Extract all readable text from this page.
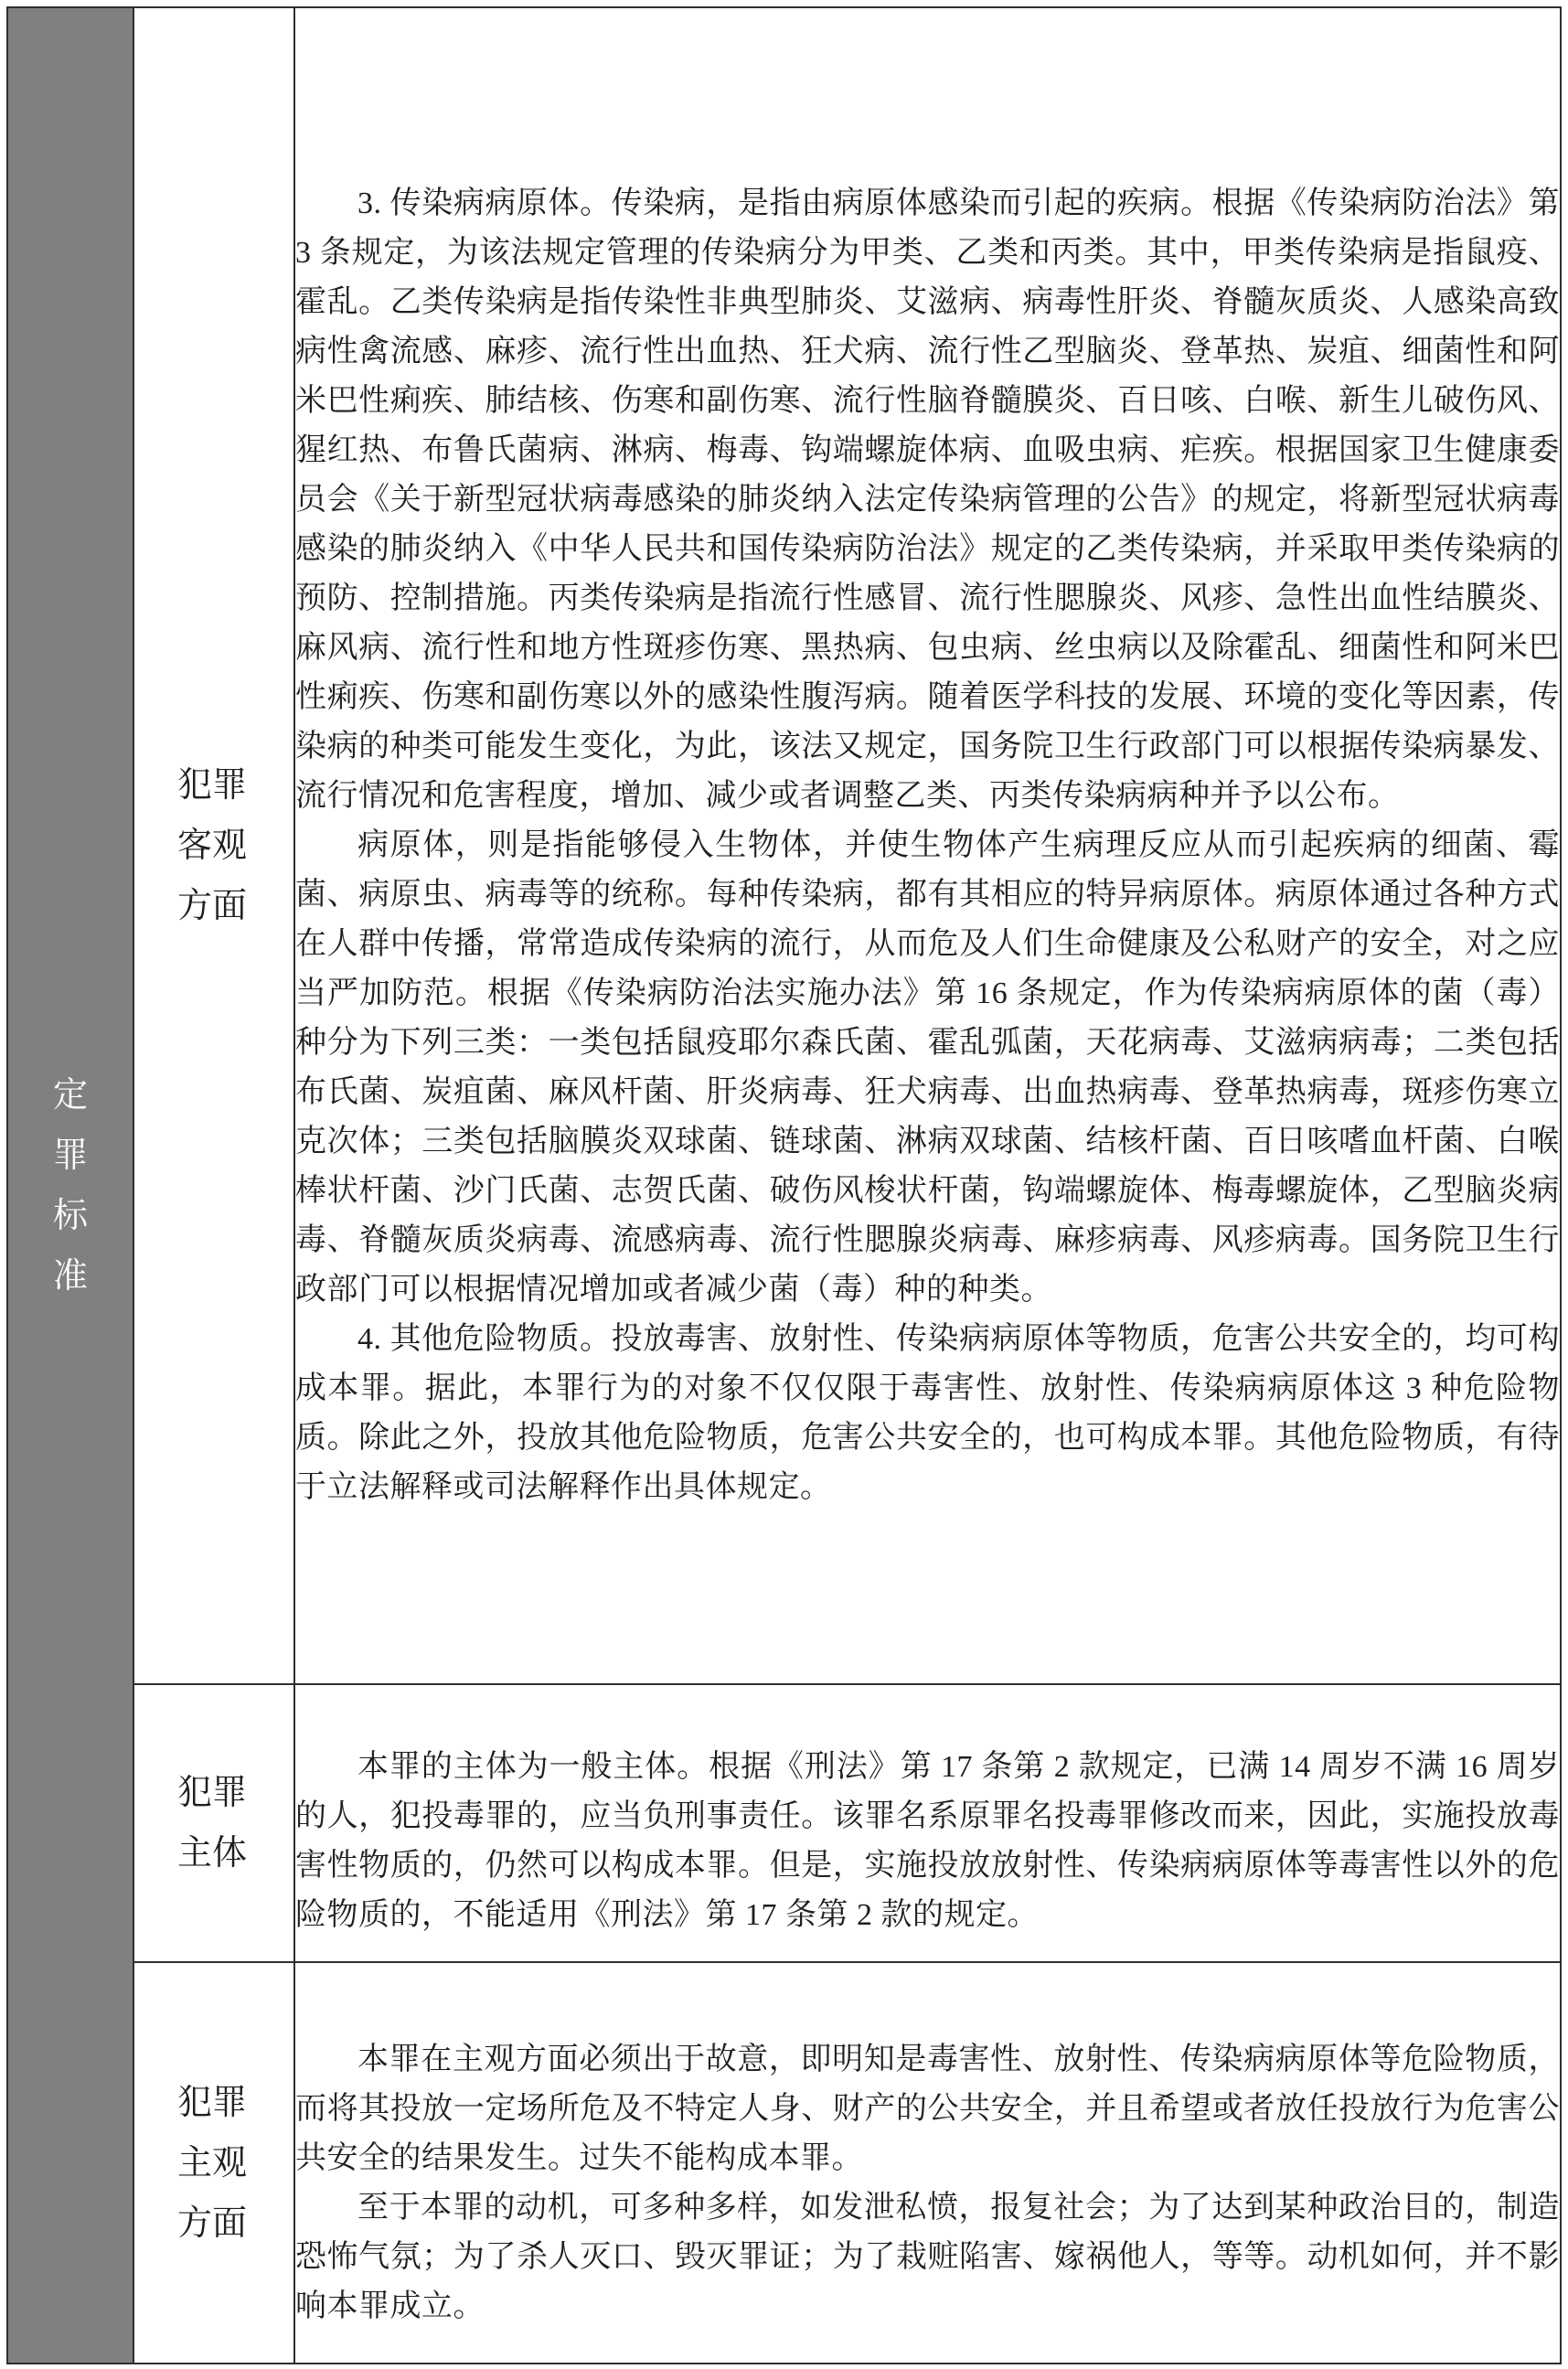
定罪标准	犯罪客观方面	3. 传染病病原体。传染病，是指由病原体感染而引起的疾病。根据《传染病防治法》第 3 条规定，为该法规定管理的传染病分为甲类、乙类和丙类。其中，甲类传染病是指鼠疫、霍乱。乙类传染病是指传染性非典型肺炎、艾滋病、病毒性肝炎、脊髓灰质炎、人感染高致病性禽流感、麻疹、流行性出血热、狂犬病、流行性乙型脑炎、登革热、炭疽、细菌性和阿米巴性痢疾、肺结核、伤寒和副伤寒、流行性脑脊髓膜炎、百日咳、白喉、新生儿破伤风、猩红热、布鲁氏菌病、淋病、梅毒、钩端螺旋体病、血吸虫病、疟疾。根据国家卫生健康委员会《关于新型冠状病毒感染的肺炎纳入法定传染病管理的公告》的规定，将新型冠状病毒感染的肺炎纳入《中华人民共和国传染病防治法》规定的乙类传染病，并采取甲类传染病的预防、控制措施。丙类传染病是指流行性感冒、流行性腮腺炎、风疹、急性出血性结膜炎、麻风病、流行性和地方性斑疹伤寒、黑热病、包虫病、丝虫病以及除霍乱、细菌性和阿米巴性痢疾、伤寒和副伤寒以外的感染性腹泻病。随着医学科技的发展、环境的变化等因素，传染病的种类可能发生变化，为此，该法又规定，国务院卫生行政部门可以根据传染病暴发、流行情况和危害程度，增加、减少或者调整乙类、丙类传染病病种并予以公布。

病原体，则是指能够侵入生物体，并使生物体产生病理反应从而引起疾病的细菌、霉菌、病原虫、病毒等的统称。每种传染病，都有其相应的特异病原体。病原体通过各种方式在人群中传播，常常造成传染病的流行，从而危及人们生命健康及公私财产的安全，对之应当严加防范。根据《传染病防治法实施办法》第 16 条规定，作为传染病病原体的菌（毒）种分为下列三类：一类包括鼠疫耶尔森氏菌、霍乱弧菌，天花病毒、艾滋病病毒；二类包括布氏菌、炭疽菌、麻风杆菌、肝炎病毒、狂犬病毒、出血热病毒、登革热病毒，斑疹伤寒立克次体；三类包括脑膜炎双球菌、链球菌、淋病双球菌、结核杆菌、百日咳嗜血杆菌、白喉棒状杆菌、沙门氏菌、志贺氏菌、破伤风梭状杆菌，钩端螺旋体、梅毒螺旋体，乙型脑炎病毒、脊髓灰质炎病毒、流感病毒、流行性腮腺炎病毒、麻疹病毒、风疹病毒。国务院卫生行政部门可以根据情况增加或者减少菌（毒）种的种类。

4. 其他危险物质。投放毒害、放射性、传染病病原体等物质，危害公共安全的，均可构成本罪。据此，本罪行为的对象不仅仅限于毒害性、放射性、传染病病原体这 3 种危险物质。除此之外，投放其他危险物质，危害公共安全的，也可构成本罪。其他危险物质，有待于立法解释或司法解释作出具体规定。

	犯罪主体	本罪的主体为一般主体。根据《刑法》第 17 条第 2 款规定，已满 14 周岁不满 16 周岁的人，犯投毒罪的，应当负刑事责任。该罪名系原罪名投毒罪修改而来，因此，实施投放毒害性物质的，仍然可以构成本罪。但是，实施投放放射性、传染病病原体等毒害性以外的危险物质的，不能适用《刑法》第 17 条第 2 款的规定。

	犯罪主观方面	本罪在主观方面必须出于故意，即明知是毒害性、放射性、传染病病原体等危险物质，而将其投放一定场所危及不特定人身、财产的公共安全，并且希望或者放任投放行为危害公共安全的结果发生。过失不能构成本罪。

至于本罪的动机，可多种多样，如发泄私愤，报复社会；为了达到某种政治目的，制造恐怖气氛；为了杀人灭口、毁灭罪证；为了栽赃陷害、嫁祸他人，等等。动机如何，并不影响本罪成立。
